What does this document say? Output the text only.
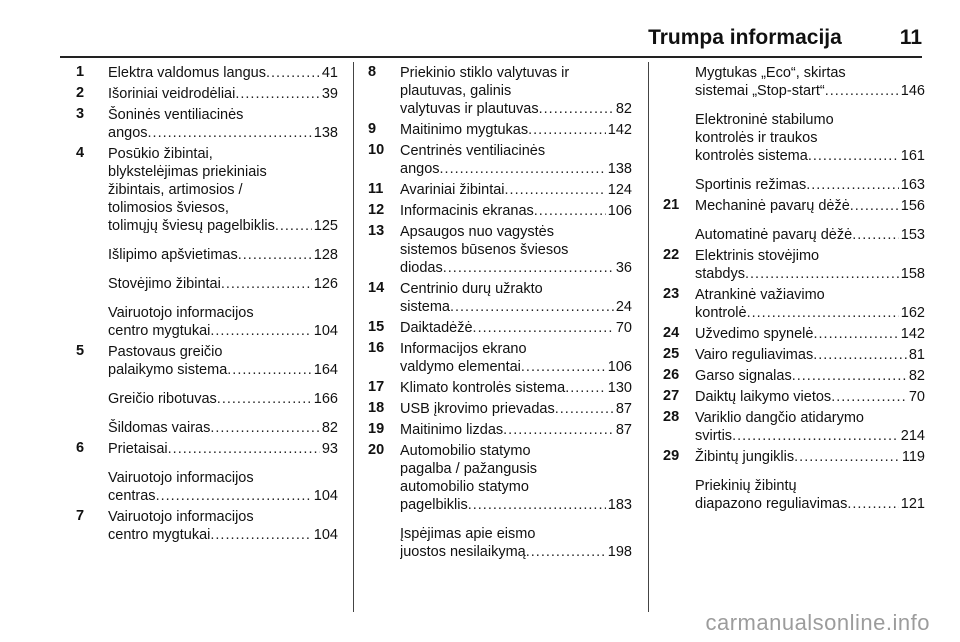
Trumpa informacija	11
1	Elektra valdomus langus .....	41
2	Išoriniai veidrodėliai .....	39
3	Šoninės ventiliacinės
angos .....	138
4	Posūkio žibintai,
blykstelėjimas priekiniais
žibintais, artimosios /
tolimosios šviesos,
tolimųjų šviesų pagelbiklis .....	125
Išlipimo apšvietimas .....	128
Stovėjimo žibintai .....	126
Vairuotojo informacijos
centro mygtukai .....	104
5	Pastovaus greičio
palaikymo sistema .....	164
Greičio ribotuvas .....	166
Šildomas vairas .....	82
6	Prietaisai .....	93
Vairuotojo informacijos
centras .....	104
7	Vairuotojo informacijos
centro mygtukai .....	104
8	Priekinio stiklo valytuvas ir
plautuvas, galinis
valytuvas ir plautuvas .....	82
9	Maitinimo mygtukas .....	142
10	Centrinės ventiliacinės
angos .....	138
11	Avariniai žibintai .....	124
12	Informacinis ekranas .....	106
13	Apsaugos nuo vagystės
sistemos būsenos šviesos
diodas .....	36
14	Centrinio durų užrakto
sistema .....	24
15	Daiktadėžė .....	70
16	Informacijos ekrano
valdymo elementai .....	106
17	Klimato kontrolės sistema .....	130
18	USB įkrovimo prievadas .....	87
19	Maitinimo lizdas .....	87
20	Automobilio statymo
pagalba / pažangusis
automobilio statymo
pagelbiklis .....	183
Įspėjimas apie eismo
juostos nesilaikymą .....	198
Mygtukas „Eco“, skirtas
sistemai „Stop-start“ .....	146
Elektroninė stabilumo
kontrolės ir traukos
kontrolės sistema .....	161
Sportinis režimas .....	163
21	Mechaninė pavarų dėžė .....	156
Automatinė pavarų dėžė .....	153
22	Elektrinis stovėjimo
stabdys .....	158
23	Atrankinė važiavimo
kontrolė .....	162
24	Užvedimo spynelė .....	142
25	Vairo reguliavimas .....	81
26	Garso signalas .....	82
27	Daiktų laikymo vietos .....	70
28	Variklio dangčio atidarymo
svirtis .....	214
29	Žibintų jungiklis .....	119
Priekinių žibintų
diapazono reguliavimas .....	121
carmanualsonline.info
